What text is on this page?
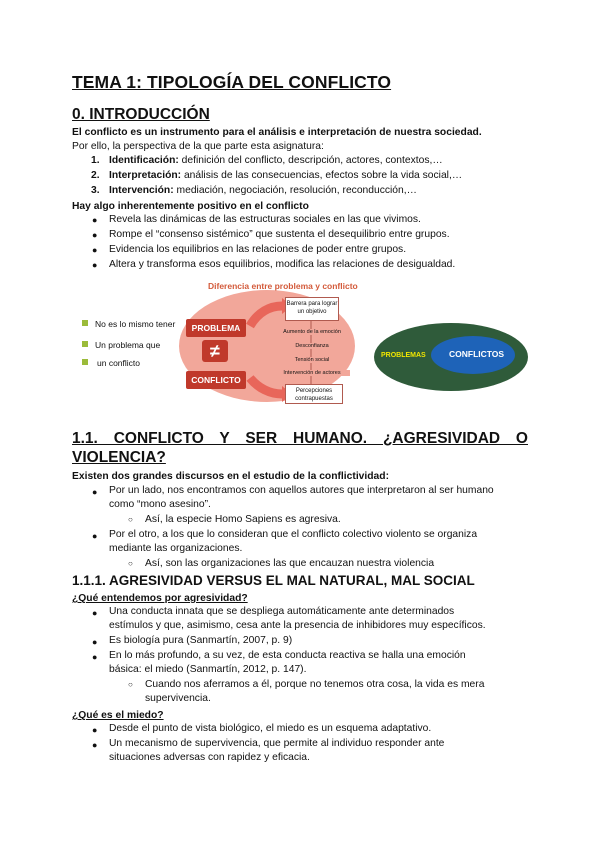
TEMA 1: TIPOLOGÍA DEL CONFLICTO
0. INTRODUCCIÓN
El conflicto es un instrumento para el análisis e interpretación de nuestra sociedad.
Por ello, la perspectiva de la que parte esta asignatura:
1. Identificación: definición del conflicto, descripción, actores, contextos,…
2. Interpretación: análisis de las consecuencias, efectos sobre la vida social,…
3. Intervención: mediación, negociación, resolución, reconducción,…
Hay algo inherentemente positivo en el conflicto
● Revela las dinámicas de las estructuras sociales en las que vivimos.
● Rompe el “consenso sistémico” que sustenta el desequilibrio entre grupos.
● Evidencia los equilibrios en las relaciones de poder entre grupos.
● Altera y transforma esos equilibrios, modifica las relaciones de desigualdad.
Diferencia entre problema y conflicto
No es lo mismo tener
Un problema que
un conflicto
PROBLEMA
≠
CONFLICTO
Barrera para lograr un objetivo
Aumento de la emoción
Desconfianza
Tensión social
Intervención de actores
Percepciones contrapuestas
PROBLEMAS	CONFLICTOS
1.1. CONFLICTO Y SER HUMANO. ¿AGRESIVIDAD O
VIOLENCIA?
Existen dos grandes discursos en el estudio de la conflictividad:
● Por un lado, nos encontramos con aquellos autores que interpretaron al ser humano
como “mono asesino”.
○ Así, la especie Homo Sapiens es agresiva.
● Por el otro, a los que lo consideran que el conflicto colectivo violento se organiza
mediante las organizaciones.
○ Así, son las organizaciones las que encauzan nuestra violencia
1.1.1. AGRESIVIDAD VERSUS EL MAL NATURAL, MAL SOCIAL
¿Qué entendemos por agresividad?
● Una conducta innata que se despliega automáticamente ante determinados
estímulos y que, asimismo, cesa ante la presencia de inhibidores muy específicos.
● Es biología pura (Sanmartín, 2007, p. 9)
● En lo más profundo, a su vez, de esta conducta reactiva se halla una emoción
básica: el miedo (Sanmartín, 2012, p. 147).
○ Cuando nos aferramos a él, porque no tenemos otra cosa, la vida es mera
supervivencia.
¿Qué es el miedo?
● Desde el punto de vista biológico, el miedo es un esquema adaptativo.
● Un mecanismo de supervivencia, que permite al individuo responder ante
situaciones adversas con rapidez y eficacia.
